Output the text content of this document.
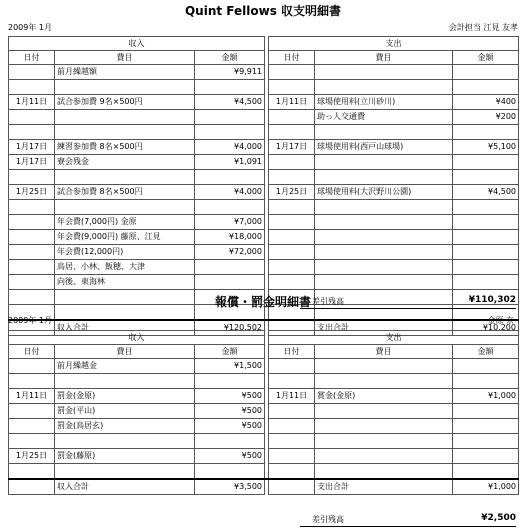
Quint Fellows 収支明細書
2009年 1月	会計担当 江見 友孝
収入				支出		
日付	費目	金額		日付	費目	金額
	前月繰越額	¥9,911				

1月11日	試合参加費 9名×500円	¥4,500		1月11日	球場使用料(立川砂川)	¥400
					助っ人交通費	¥200

1月17日	練習参加費 8名×500円	¥4,000		1月17日	球場使用料(西戸山球場)	¥5,100
1月17日	寮会残金	¥1,091				

1月25日	試合参加費 8名×500円	¥4,000		1月25日	球場使用料(大沢野川公園)	¥4,500

	年会費(7,000円) 金原	¥7,000				
	年会費(9,000円) 藤原、江見	¥18,000				
	年会費(12,000円)	¥72,000				
	鳥居、小林、飯穂、大津					
	向後、東海林					

	収入合計	¥120,502			支出合計	¥10,200
差引残高	¥110,302
報償・罰金明細書
2009年 1月	金原 奈
収入				支出		
日付	費目	金額		日付	費目	金額
	前月繰越金	¥1,500				

1月11日	罰金(金原)	¥500		1月11日	賞金(金原)	¥1,000
	罰金(平山)	¥500				
	罰金(鳥居玄)	¥500				

1月25日	罰金(藤原)	¥500				

	収入合計	¥3,500			支出合計	¥1,000
差引残高	¥2,500
